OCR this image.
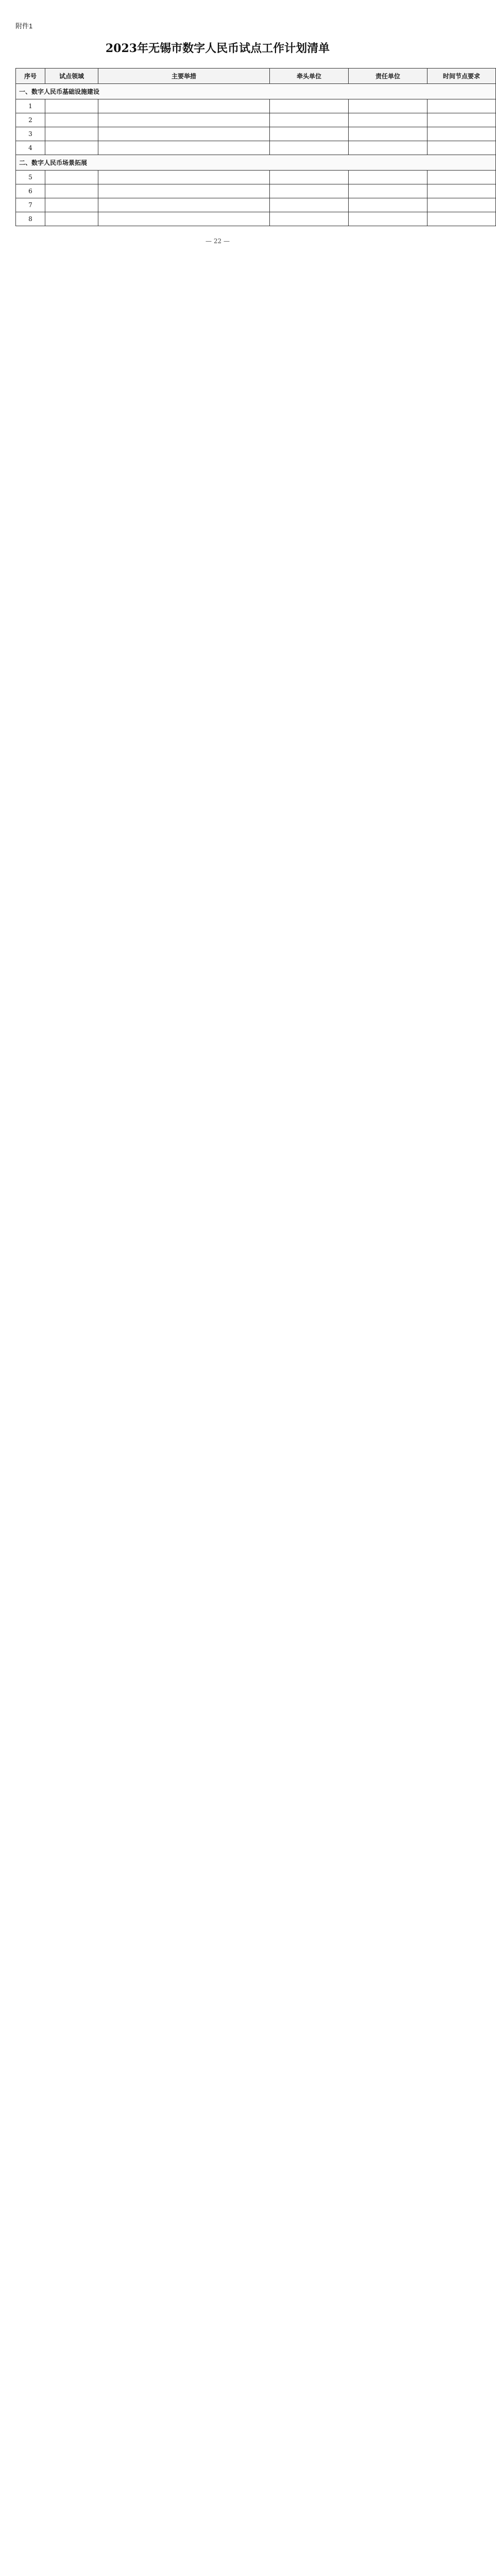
附件1
2023年无锡市数字人民币试点工作计划清单
序号	试点领域	主要举措	牵头单位	责任单位	时间节点要求
一、数字人民币基础设施建设					
1					
2					
3					
4					
二、数字人民币场景拓展					
5					
6					
7					
8					
— 22 —
